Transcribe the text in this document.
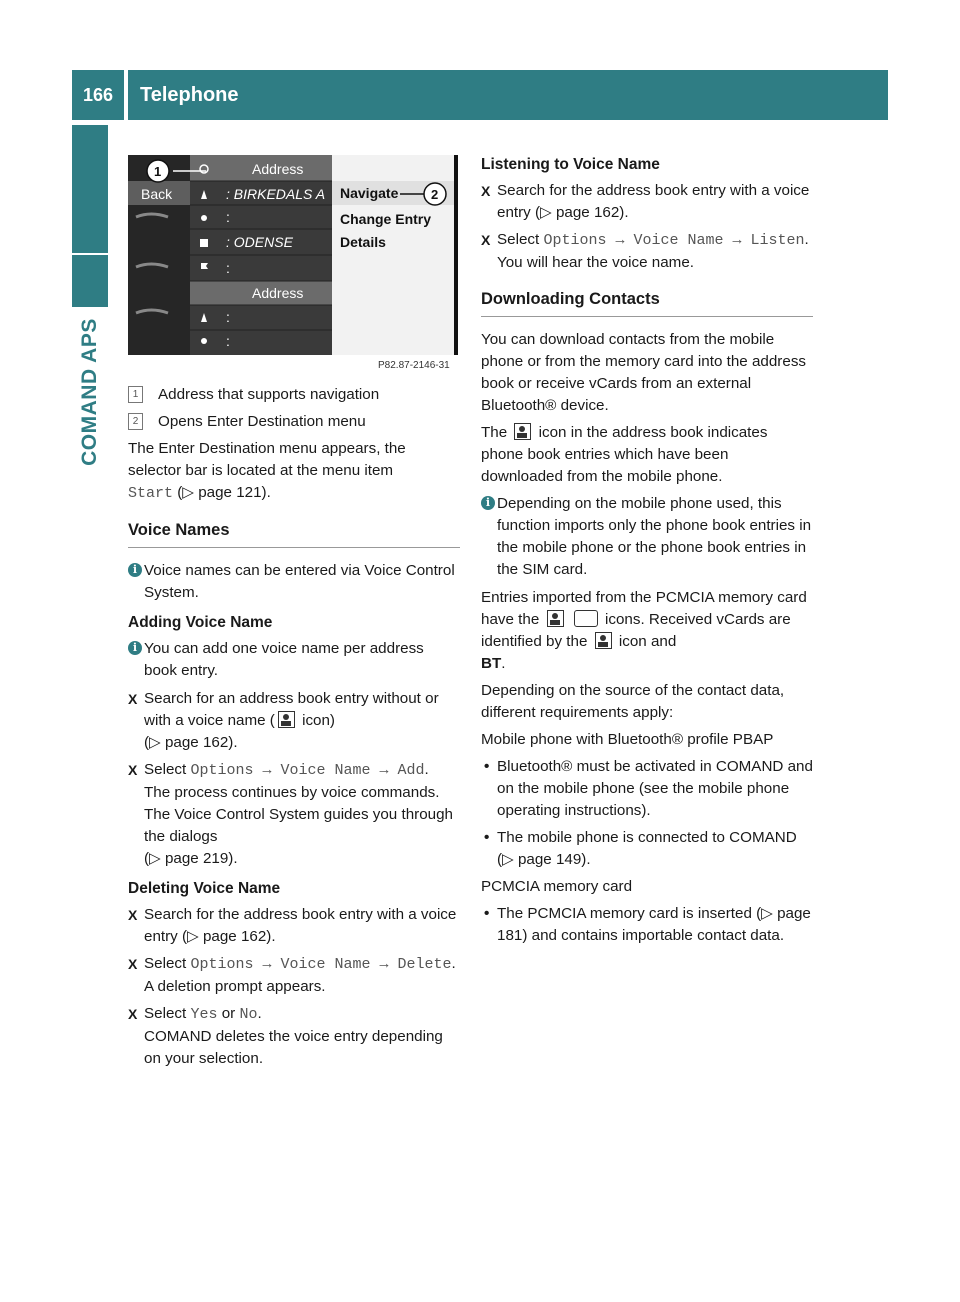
166	Telephone
COMAND APS
Back
Address
: BIRKEDALS A
:
: ODENSE
:
Address
:
:
Navigate
Change Entry
Details
1
2
P82.87-2146-31
1	Address that supports navigation
2	Opens Enter Destination menu

The Enter Destination menu appears, the selector bar is located at the menu item
Start (▷ page 121).

Voice Names

i Voice names can be entered via Voice Control System.

Adding Voice Name

i You can add one voice name per address book entry.
X Search for an address book entry without or with a voice name ( icon)
(▷ page 162).
X Select Options → Voice Name → Add.
The process continues by voice commands. The Voice Control System guides you through the dialogs
(▷ page 219).

Deleting Voice Name

X Search for the address book entry with a voice entry (▷ page 162).
X Select Options → Voice Name → Delete.
A deletion prompt appears.
X Select Yes or No.
COMAND deletes the voice entry depending on your selection.

Listening to Voice Name

X Search for the address book entry with a voice entry (▷ page 162).
X Select Options → Voice Name → Listen.
You will hear the voice name.

Downloading Contacts

You can download contacts from the mobile phone or from the memory card into the address book or receive vCards from an external Bluetooth® device.

The icon in the address book indicates phone book entries which have been downloaded from the mobile phone.

i Depending on the mobile phone used, this function imports only the phone book entries in the mobile phone or the phone book entries in the SIM card.

Entries imported from the PCMCIA memory card have the	icons. Received vCards are identified by the icon and
BT.

Depending on the source of the contact data, different requirements apply:

Mobile phone with Bluetooth® profile PBAP

• Bluetooth® must be activated in COMAND and on the mobile phone (see the mobile phone operating instructions).
• The mobile phone is connected to COMAND (▷ page 149).

PCMCIA memory card

• The PCMCIA memory card is inserted (▷ page 181) and contains importable contact data.
